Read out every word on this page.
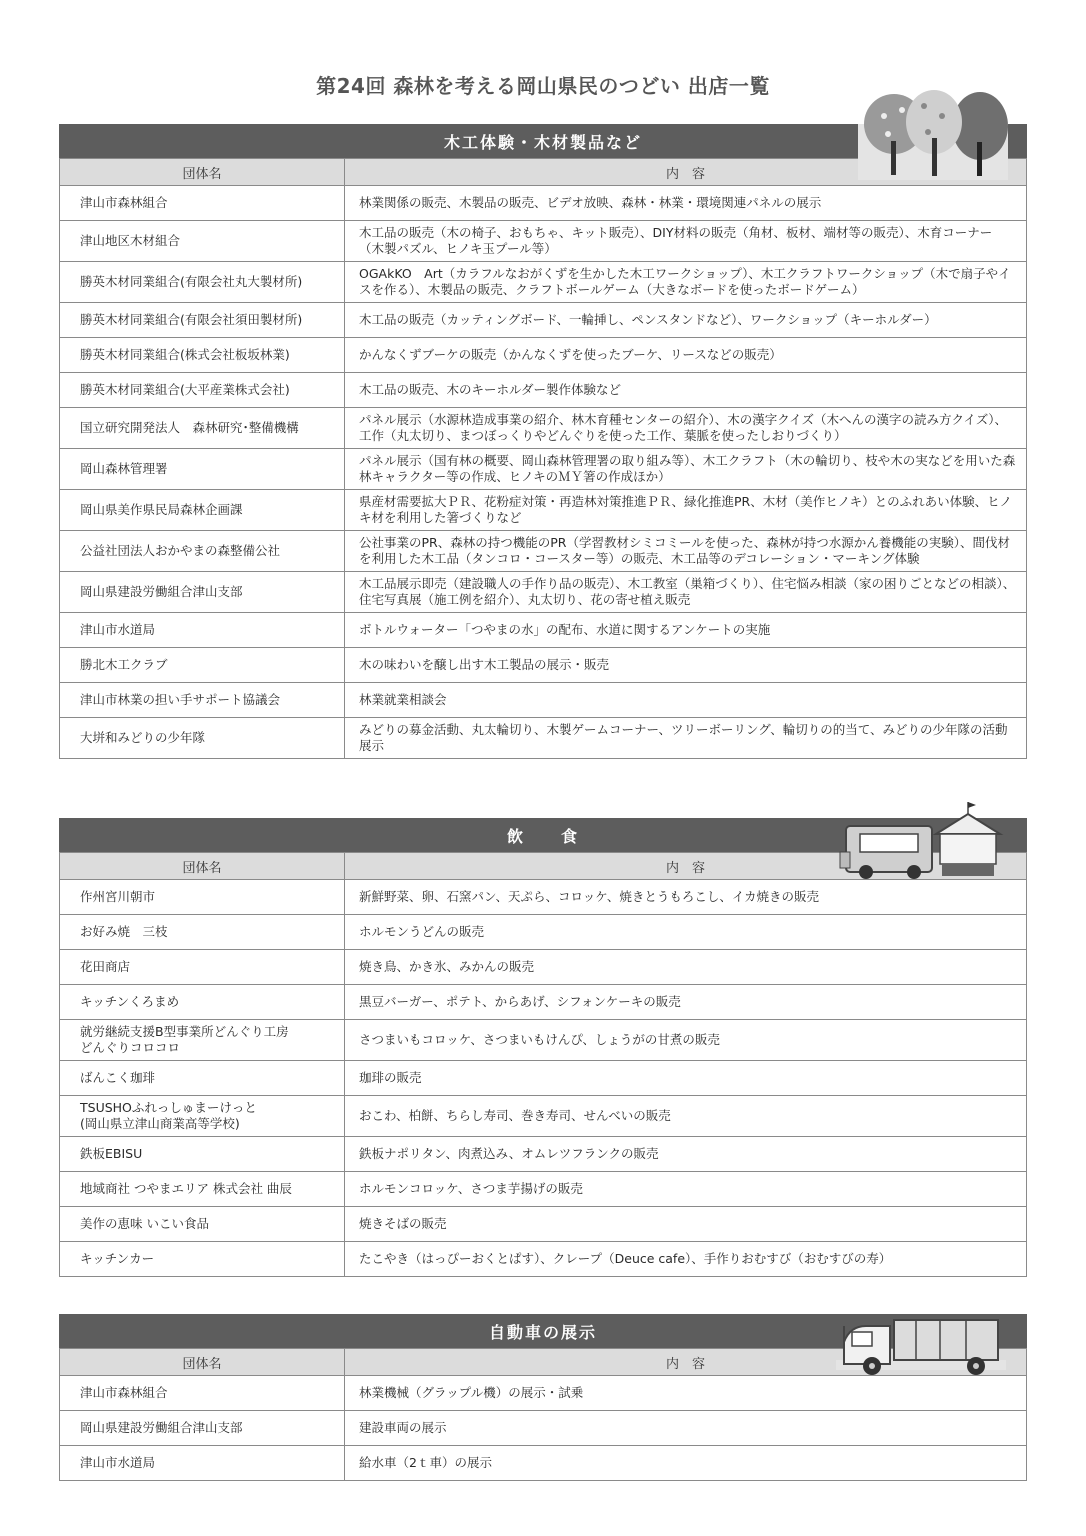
第24回 森林を考える岡山県民のつどい 出店一覧
木工体験・木材製品など
団体名	内　容
津山市森林組合	林業関係の販売、木製品の販売、ビデオ放映、森林・林業・環境関連パネルの展示
津山地区木材組合	木工品の販売（木の椅子、おもちゃ、キット販売）、DIY材料の販売（角材、板材、端材等の販売）、木育コーナー（木製パズル、ヒノキ玉プール等）
勝英木材同業組合(有限会社丸大製材所)	OGAkKO　Art（カラフルなおがくずを生かした木工ワークショップ）、木工クラフトワークショップ（木で扇子やイスを作る）、木製品の販売、クラフトボールゲーム（大きなボードを使ったボードゲーム）
勝英木材同業組合(有限会社須田製材所)	木工品の販売（カッティングボード、一輪挿し、ペンスタンドなど）、ワークショップ（キーホルダー）
勝英木材同業組合(株式会社板坂林業)	かんなくずブーケの販売（かんなくずを使ったブーケ、リースなどの販売）
勝英木材同業組合(大平産業株式会社)	木工品の販売、木のキーホルダー製作体験など
国立研究開発法人　森林研究･整備機構	パネル展示（水源林造成事業の紹介、林木育種センターの紹介）、木の漢字クイズ（木へんの漢字の読み方クイズ）、工作（丸太切り、まつぼっくりやどんぐりを使った工作、葉脈を使ったしおりづくり）
岡山森林管理署	パネル展示（国有林の概要、岡山森林管理署の取り組み等）、木工クラフト（木の輪切り、枝や木の実などを用いた森林キャラクター等の作成、ヒノキのＭＹ箸の作成ほか）
岡山県美作県民局森林企画課	県産材需要拡大ＰＲ、花粉症対策・再造林対策推進ＰＲ、緑化推進PR、木材（美作ヒノキ）とのふれあい体験、ヒノキ材を利用した箸づくりなど
公益社団法人おかやまの森整備公社	公社事業のPR、森林の持つ機能のPR（学習教材シミコミールを使った、森林が持つ水源かん養機能の実験）、間伐材を利用した木工品（タンコロ・コースター等）の販売、木工品等のデコレーション・マーキング体験
岡山県建設労働組合津山支部	木工品展示即売（建設職人の手作り品の販売）、木工教室（巣箱づくり）、住宅悩み相談（家の困りごとなどの相談）、住宅写真展（施工例を紹介）、丸太切り、花の寄せ植え販売
津山市水道局	ボトルウォーター「つやまの水」の配布、水道に関するアンケートの実施
勝北木工クラブ	木の味わいを醸し出す木工製品の展示・販売
津山市林業の担い手サポート協議会	林業就業相談会
大垪和みどりの少年隊	みどりの募金活動、丸太輪切り、木製ゲームコーナー、ツリーボーリング、輪切りの的当て、みどりの少年隊の活動展示
飲　　食
団体名	内　容
作州宮川朝市	新鮮野菜、卵、石窯パン、天ぷら、コロッケ、焼きとうもろこし、イカ焼きの販売
お好み焼　三枝	ホルモンうどんの販売
花田商店	焼き鳥、かき氷、みかんの販売
キッチンくろまめ	黒豆バーガー、ポテト、からあげ、シフォンケーキの販売
就労継続支援B型事業所どんぐり工房
どんぐりコロコロ	さつまいもコロッケ、さつまいもけんぴ、しょうがの甘煮の販売
ばんこく珈琲	珈琲の販売
TSUSHOふれっしゅまーけっと
(岡山県立津山商業高等学校)	おこわ、柏餅、ちらし寿司、巻き寿司、せんべいの販売
鉄板EBISU	鉄板ナポリタン、肉煮込み、オムレツフランクの販売
地域商社 つやまエリア 株式会社 曲辰	ホルモンコロッケ、さつま芋揚げの販売
美作の恵味 いこい食品	焼きそばの販売
キッチンカー	たこやき（はっぴーおくとぱす）、クレープ（Deuce cafe）、手作りおむすび（おむすびの寿）
自動車の展示
団体名	内　容
津山市森林組合	林業機械（グラップル機）の展示・試乗
岡山県建設労働組合津山支部	建設車両の展示
津山市水道局	給水車（2ｔ車）の展示
